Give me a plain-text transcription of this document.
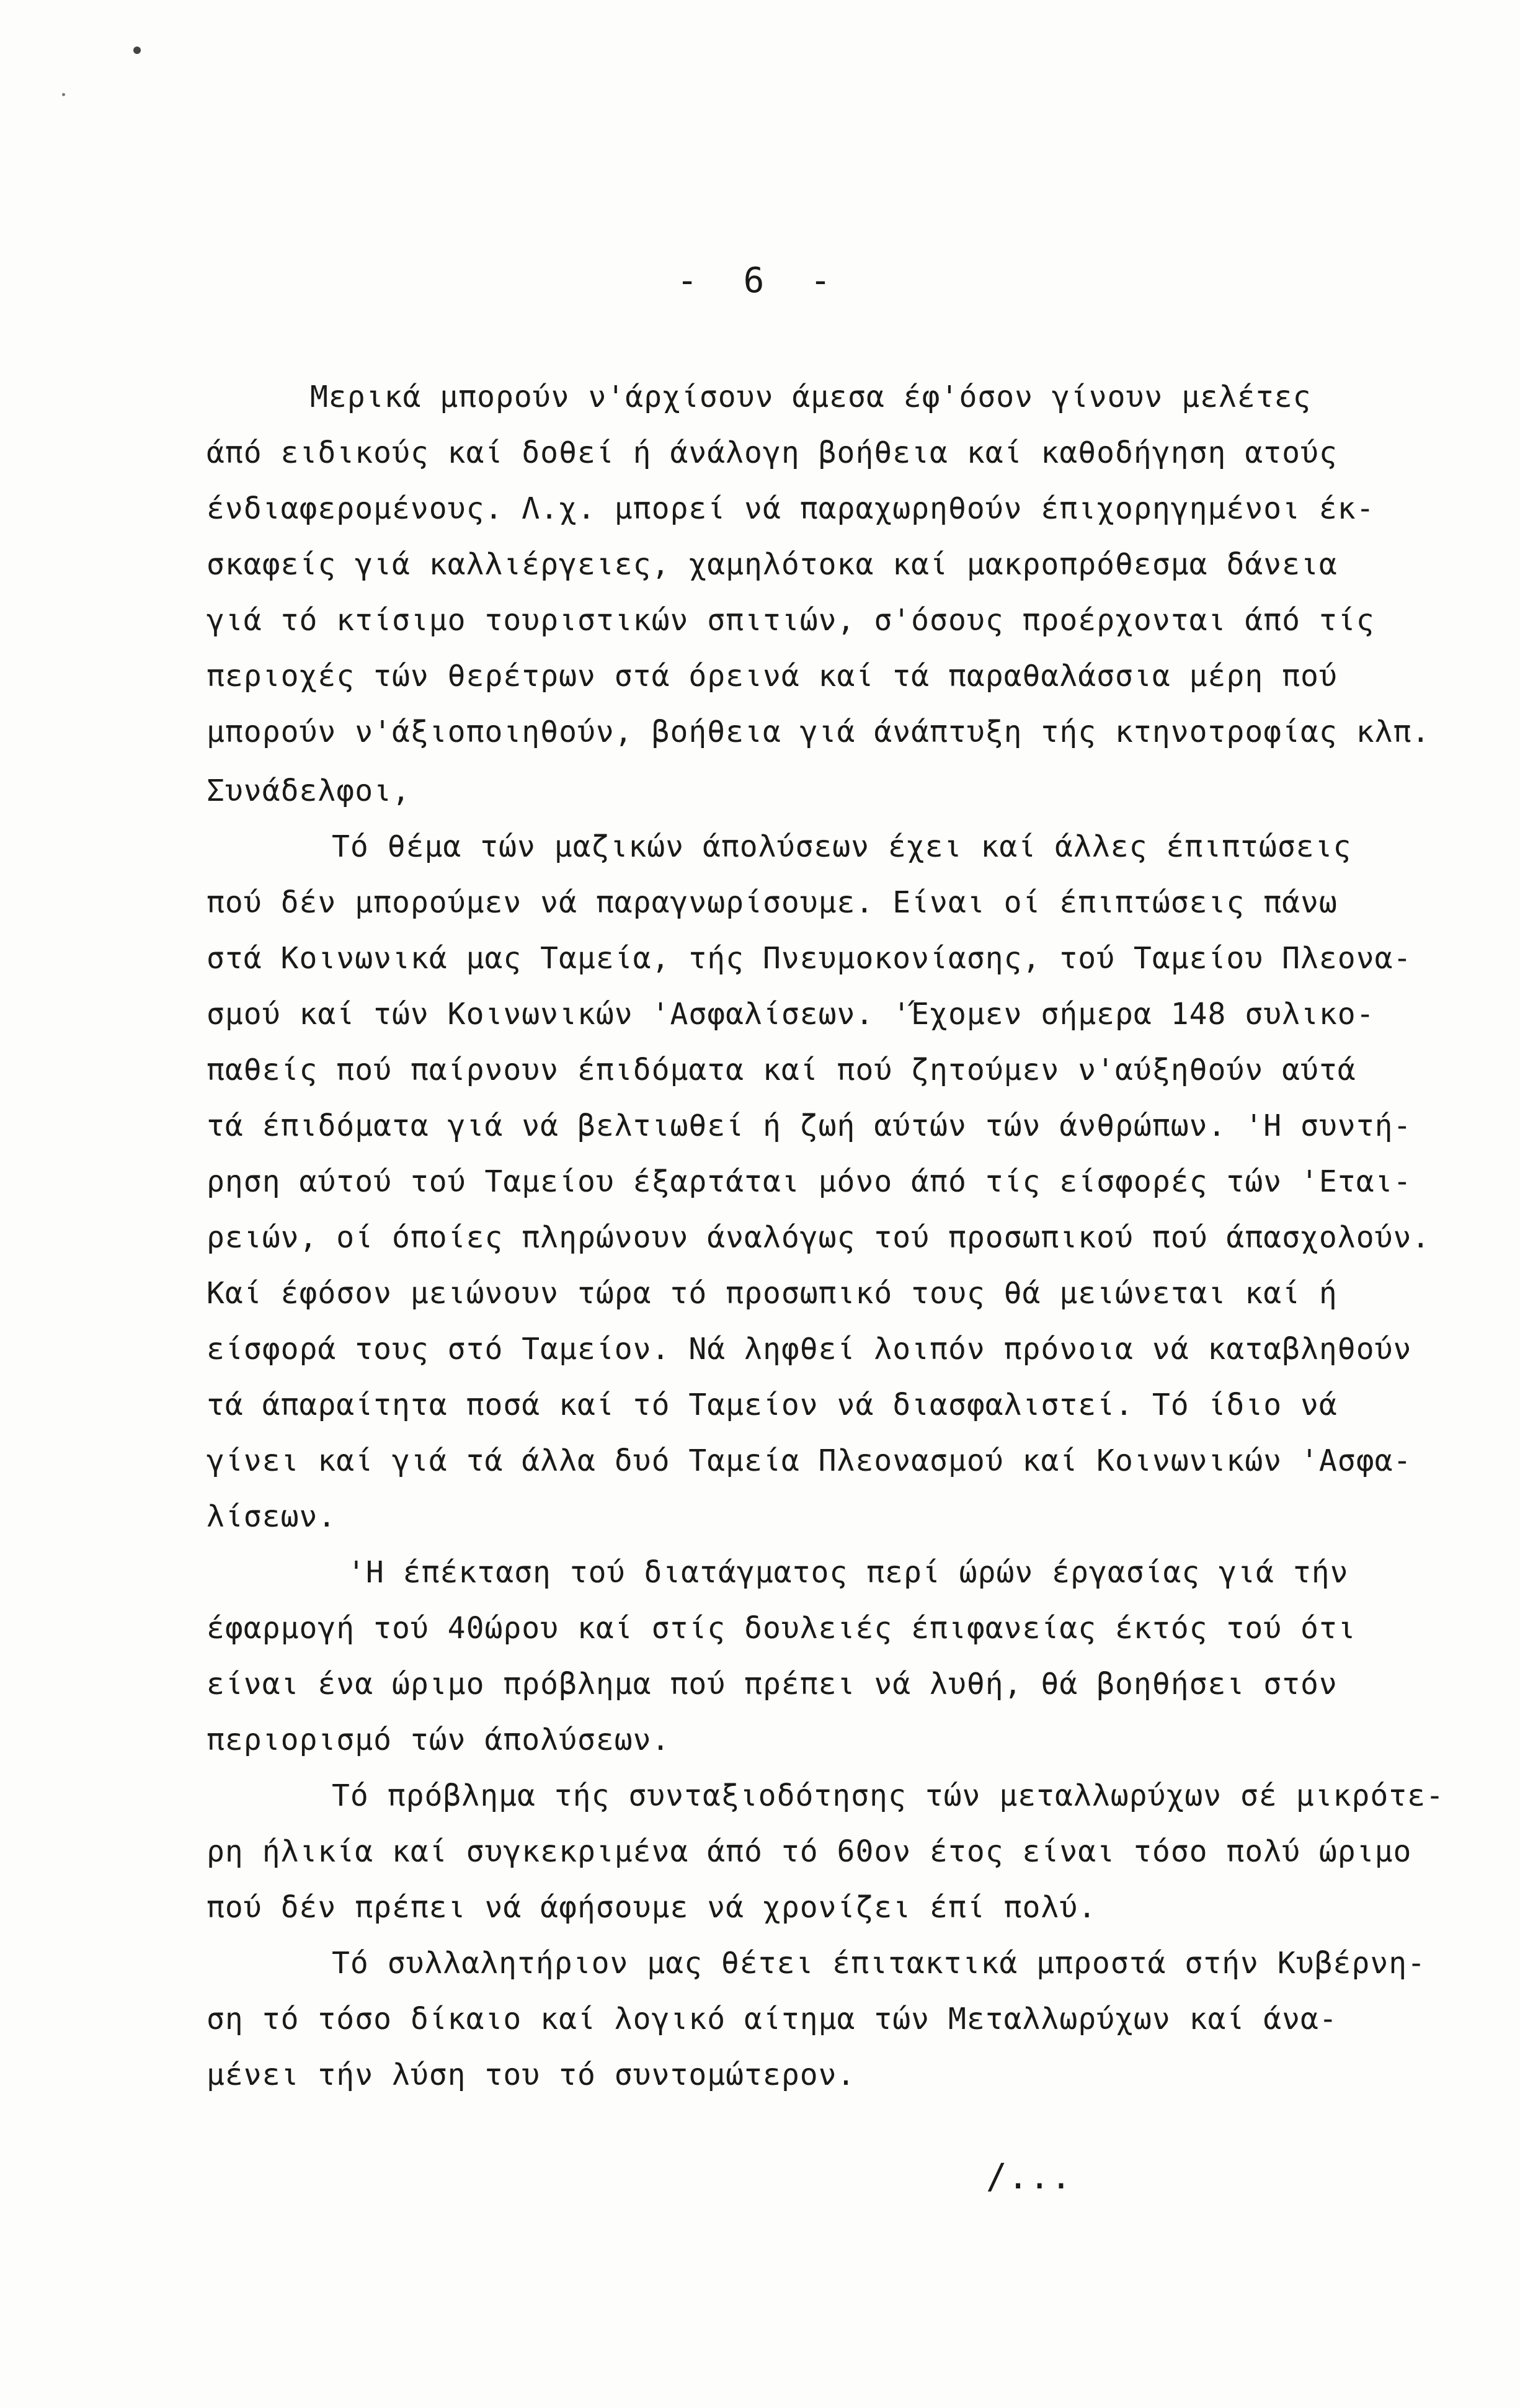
- 6 -
Μερικά μπορούν ν'άρχίσουν άμεσα έφ'όσον γίνουν μελέτες
άπό ειδικούς καί δοθεί ή άνάλογη βοήθεια καί καθοδήγηση ατούς
ένδιαφερομένους. Λ.χ. μπορεί νά παραχωρηθούν έπιχορηγημένοι έκ-
σκαφείς γιά καλλιέργειες, χαμηλότοκα καί μακροπρόθεσμα δάνεια
γιά τό κτίσιμο τουριστικών σπιτιών, σ'όσους προέρχονται άπό τίς
περιοχές τών θερέτρων στά όρεινά καί τά παραθαλάσσια μέρη πού
μπορούν ν'άξιοποιηθούν, βοήθεια γιά άνάπτυξη τής κτηνοτροφίας κλπ.
Συνάδελφοι,
Τό θέμα τών μαζικών άπολύσεων έχει καί άλλες έπιπτώσεις
πού δέν μπορούμεν νά παραγνωρίσουμε. Είναι οί έπιπτώσεις πάνω
στά Κοινωνικά μας Ταμεία, τής Πνευμοκονίασης, τού Ταμείου Πλεονα-
σμού καί τών Κοινωνικών 'Ασφαλίσεων. 'Έχομεν σήμερα 148 συλικο-
παθείς πού παίρνουν έπιδόματα καί πού ζητούμεν ν'αύξηθούν αύτά
τά έπιδόματα γιά νά βελτιωθεί ή ζωή αύτών τών άνθρώπων. 'Η συντή-
ρηση αύτού τού Ταμείου έξαρτάται μόνο άπό τίς είσφορές τών 'Εται-
ρειών, οί όποίες πληρώνουν άναλόγως τού προσωπικού πού άπασχολούν.
Καί έφόσον μειώνουν τώρα τό προσωπικό τους θά μειώνεται καί ή
είσφορά τους στό Ταμείον. Νά ληφθεί λοιπόν πρόνοια νά καταβληθούν
τά άπαραίτητα ποσά καί τό Ταμείον νά διασφαλιστεί. Τό ίδιο νά
γίνει καί γιά τά άλλα δυό Ταμεία Πλεονασμού καί Κοινωνικών 'Ασφα-
λίσεων.
'Η έπέκταση τού διατάγματος περί ώρών έργασίας γιά τήν
έφαρμογή τού 40ώρου καί στίς δουλειές έπιφανείας έκτός τού ότι
είναι ένα ώριμο πρόβλημα πού πρέπει νά λυθή, θά βοηθήσει στόν
περιορισμό τών άπολύσεων.
Τό πρόβλημα τής συνταξιοδότησης τών μεταλλωρύχων σέ μικρότε-
ρη ήλικία καί συγκεκριμένα άπό τό 60ον έτος είναι τόσο πολύ ώριμο
πού δέν πρέπει νά άφήσουμε νά χρονίζει έπί πολύ.
Τό συλλαλητήριον μας θέτει έπιτακτικά μπροστά στήν Κυβέρνη-
ση τό τόσο δίκαιο καί λογικό αίτημα τών Μεταλλωρύχων καί άνα-
μένει τήν λύση του τό συντομώτερον.
/...
